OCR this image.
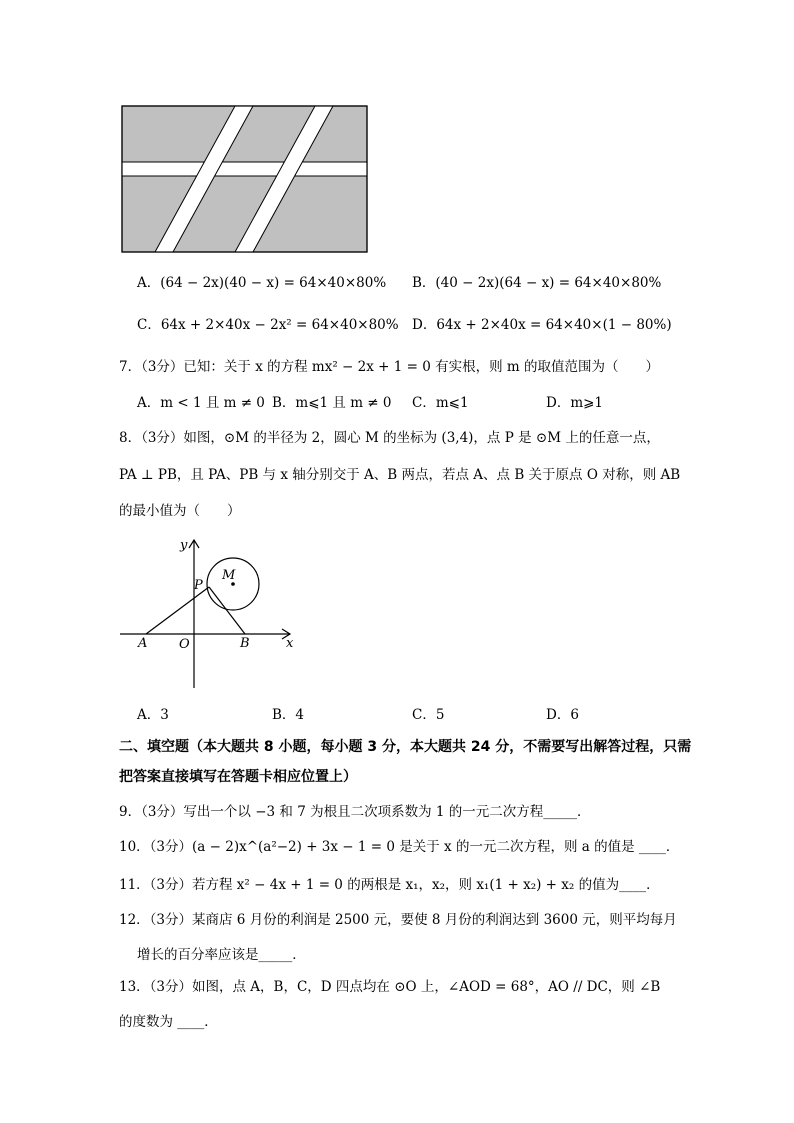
A．(64 − 2x)(40 − x) = 64×40×80% B．(40 − 2x)(64 − x) = 64×40×80%
C．64x + 2×40x − 2x² = 64×40×80% D．64x + 2×40x = 64×40×(1 − 80%)
7．（3分）已知：关于 x 的方程 mx² − 2x + 1 = 0 有实根，则 m 的取值范围为（　　）
A．m < 1 且 m ≠ 0 B．m⩽1 且 m ≠ 0 C．m⩽1	D．m⩾1
8．（3分）如图，⊙M 的半径为 2，圆心 M 的坐标为 (3,4)，点 P 是 ⊙M 上的任意一点，
PA ⊥ PB，且 PA、PB 与 x 轴分别交于 A、B 两点，若点 A、点 B 关于原点 O 对称，则 AB
的最小值为（　　）
y
x
M
P
A O	B
A．3	B．4	C．5	D．6
二、填空题（本大题共 8 小题，每小题 3 分，本大题共 24 分，不需要写出解答过程，只需
把答案直接填写在答题卡相应位置上）
9．（3分）写出一个以 −3 和 7 为根且二次项系数为 1 的一元二次方程_____．
10．（3分）(a − 2)x^(a²−2) + 3x − 1 = 0 是关于 x 的一元二次方程，则 a 的值是 ____．
11．（3分）若方程 x² − 4x + 1 = 0 的两根是 x₁，x₂，则 x₁(1 + x₂) + x₂ 的值为____．
12．（3分）某商店 6 月份的利润是 2500 元，要使 8 月份的利润达到 3600 元，则平均每月
增长的百分率应该是_____．
13．（3分）如图，点 A，B，C，D 四点均在 ⊙O 上，∠AOD = 68°，AO // DC，则 ∠B
的度数为 ____．
